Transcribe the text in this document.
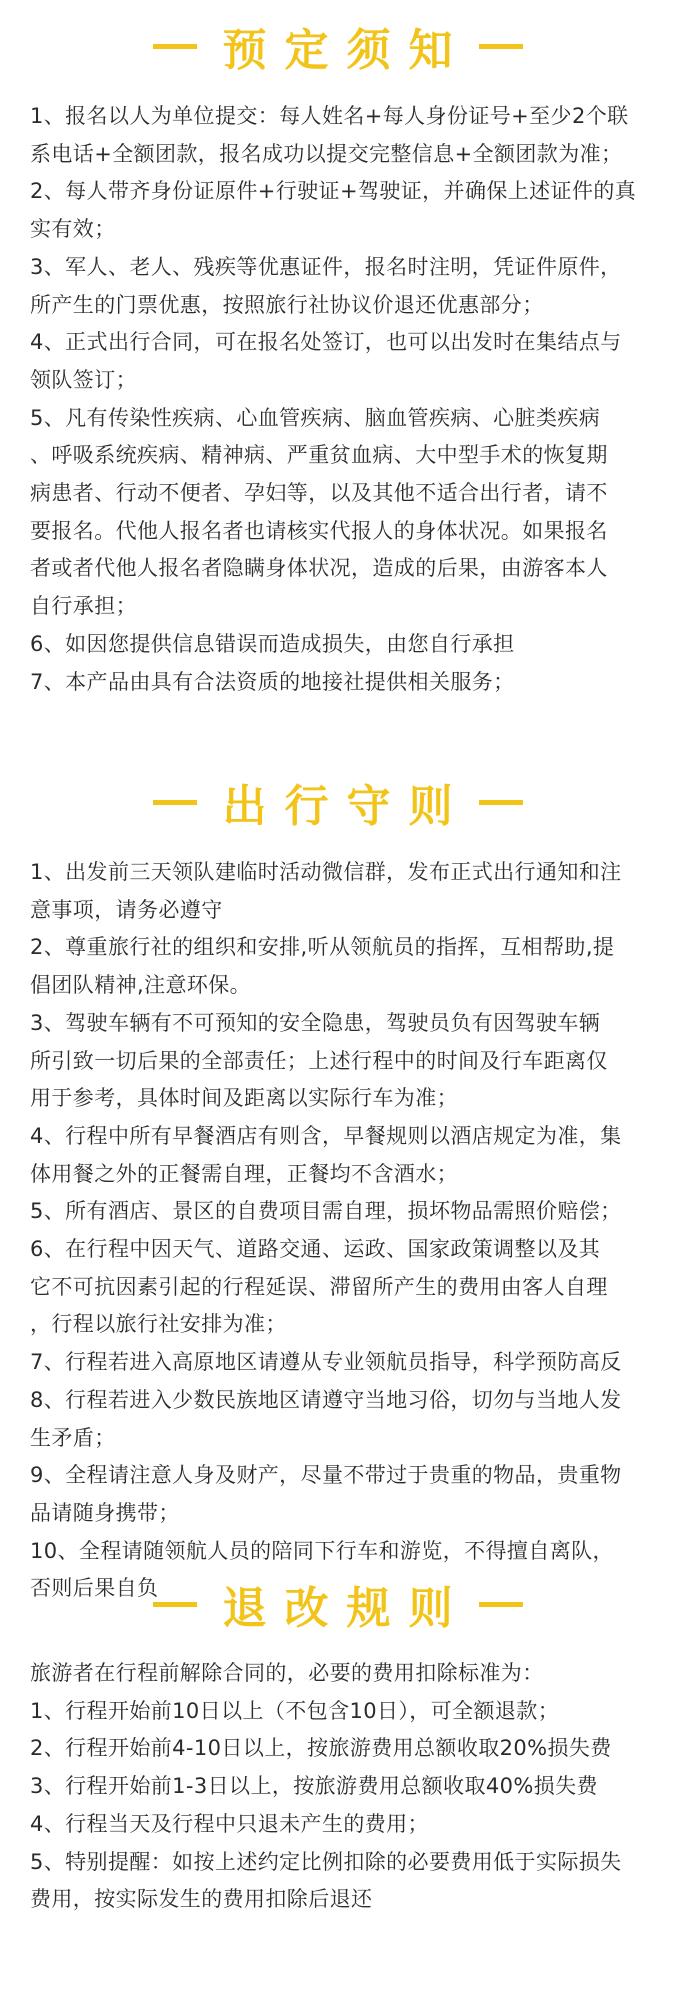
预定须知

1、报名以人为单位提交：每人姓名+每人身份证号+至少2个联

系电话+全额团款，报名成功以提交完整信息+全额团款为准；

2、每人带齐身份证原件+行驶证+驾驶证，并确保上述证件的真

实有效；

3、军人、老人、残疾等优惠证件，报名时注明，凭证件原件，

所产生的门票优惠，按照旅行社协议价退还优惠部分；

4、正式出行合同，可在报名处签订，也可以出发时在集结点与

领队签订；

5、凡有传染性疾病、心血管疾病、脑血管疾病、心脏类疾病

、呼吸系统疾病、精神病、严重贫血病、大中型手术的恢复期

病患者、行动不便者、孕妇等，以及其他不适合出行者，请不

要报名。代他人报名者也请核实代报人的身体状况。如果报名

者或者代他人报名者隐瞒身体状况，造成的后果，由游客本人

自行承担；

6、如因您提供信息错误而造成损失，由您自行承担

7、本产品由具有合法资质的地接社提供相关服务；

出行守则

1、出发前三天领队建临时活动微信群，发布正式出行通知和注

意事项，请务必遵守

2、尊重旅行社的组织和安排,听从领航员的指挥，互相帮助,提

倡团队精神,注意环保。

3、驾驶车辆有不可预知的安全隐患，驾驶员负有因驾驶车辆

所引致一切后果的全部责任；上述行程中的时间及行车距离仅

用于参考，具体时间及距离以实际行车为准；

4、行程中所有早餐酒店有则含，早餐规则以酒店规定为准，集

体用餐之外的正餐需自理，正餐均不含酒水；

5、所有酒店、景区的自费项目需自理，损坏物品需照价赔偿；

6、在行程中因天气、道路交通、运政、国家政策调整以及其

它不可抗因素引起的行程延误、滞留所产生的费用由客人自理

，行程以旅行社安排为准；

7、行程若进入高原地区请遵从专业领航员指导，科学预防高反

8、行程若进入少数民族地区请遵守当地习俗，切勿与当地人发

生矛盾；

9、全程请注意人身及财产，尽量不带过于贵重的物品，贵重物

品请随身携带；

10、全程请随领航人员的陪同下行车和游览，不得擅自离队，

否则后果自负	退改规则

旅游者在行程前解除合同的，必要的费用扣除标准为：

1、行程开始前10日以上（不包含10日），可全额退款；

2、行程开始前4-10日以上，按旅游费用总额收取20%损失费

3、行程开始前1-3日以上，按旅游费用总额收取40%损失费

4、行程当天及行程中只退未产生的费用；

5、特别提醒：如按上述约定比例扣除的必要费用低于实际损失

费用，按实际发生的费用扣除后退还
